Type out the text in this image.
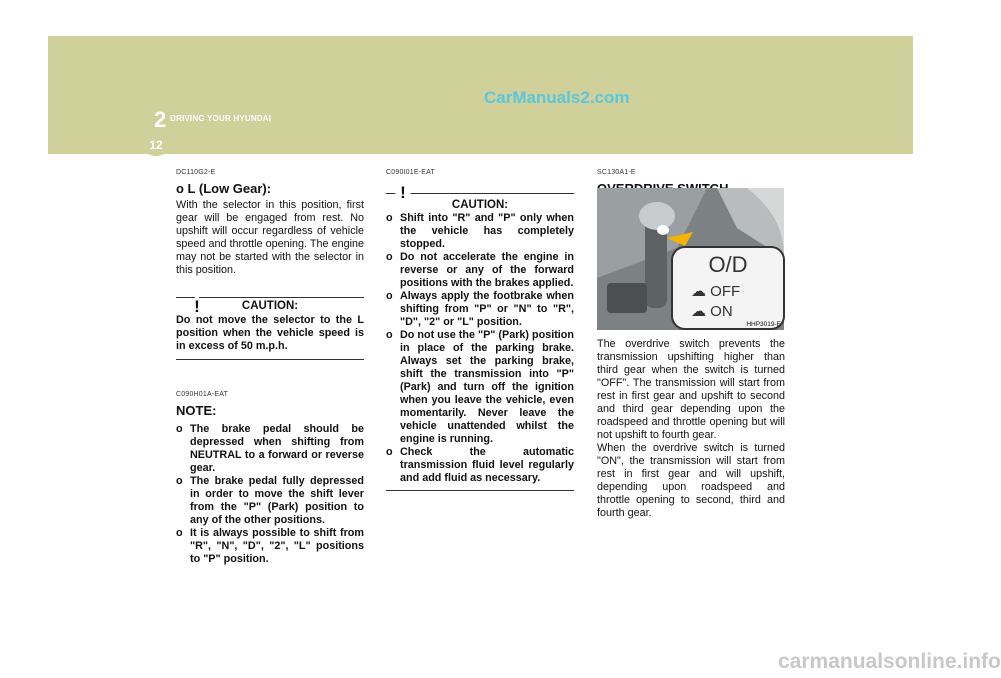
12
2 DRIVING YOUR HYUNDAI
CarManuals2.com
DC110G2-E
o L (Low Gear):

With the selector in this position, first gear will be engaged from rest. No upshift will occur regardless of vehicle speed and throttle opening. The engine may not be started with the selector in this position.

!	CAUTION:

Do not move the selector to the L position when the vehicle speed is in excess of 50 m.p.h.

C090H01A-EAT
NOTE:
o The brake pedal should be depressed when shifting from NEUTRAL to a forward or reverse gear.
o The brake pedal fully depressed in order to move the shift lever from the "P" (Park) position to any of the other positions.
o It is always possible to shift from "R", "N", "D", "2", "L" positions to "P" position.
C090I01E-EAT
!
CAUTION:
o Shift into "R" and "P" only when the vehicle has completely stopped.
o Do not accelerate the engine in reverse or any of the forward positions with the brakes applied.
o Always apply the footbrake when shifting from "P" or "N" to "R", "D", "2" or "L" position.
o Do not use the "P" (Park) position in place of the parking brake. Always set the parking brake, shift the transmission into "P" (Park) and turn off the ignition when you leave the vehicle, even momentarily. Never leave the vehicle unattended whilst the engine is running.
o Check the automatic transmission fluid level regularly and add fluid as necessary.
SC130A1-E
O/D
☁ OFF
☁ ON
HHP3019-E

The overdrive switch prevents the transmission upshifting higher than third gear when the switch is turned "OFF". The transmission will start from rest in first gear and upshift to second and third gear depending upon the roadspeed and throttle opening but will not upshift to fourth gear.

When the overdrive switch is turned "ON", the transmission will start from rest in first gear and will upshift, depending upon roadspeed and throttle opening to second, third and fourth gear.

carmanualsonline.info
